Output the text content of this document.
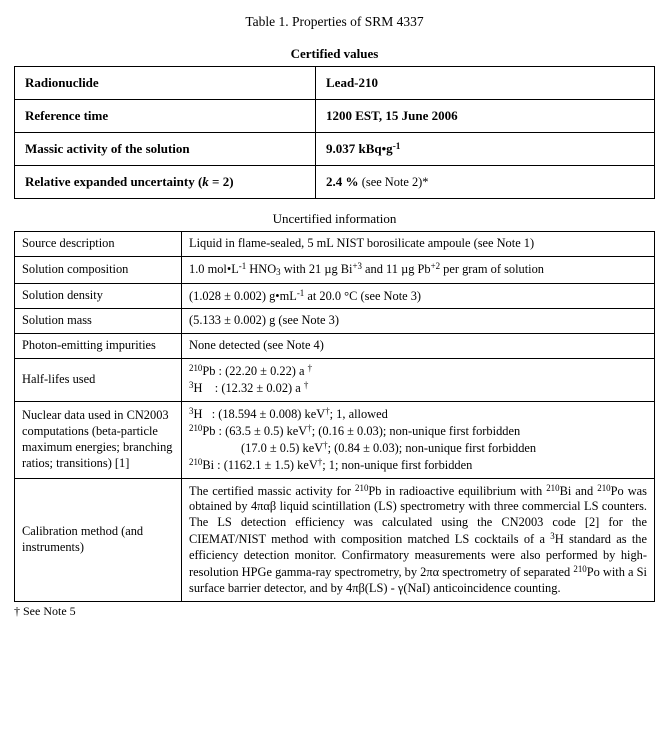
Table 1. Properties of SRM 4337
Certified values
Radionuclide	Lead-210
Reference time	1200 EST, 15 June 2006
Massic activity of the solution	9.037 $kBq•g^{-1}$
Relative expanded uncertainty (k = 2)	2.4 % (see Note 2)*
Uncertified information
Source description	Liquid in flame-sealed, 5 mL NIST borosilicate ampoule (see Note 1)
Solution composition	1.0 $mol•L^{-1}$ $HNO_3$ with 21 µg $Bi^{+3}$ and 11 µg $Pb^{+2}$ per gram of solution
Solution density	(1.028 ± 0.002) $g•mL^{-1}$ at 20.0 °C (see Note 3)
Solution mass	(5.133 ± 0.002) g (see Note 3)
Photon-emitting impurities	None detected (see Note 4)
Half-lifes used	$^{210}$Pb : (22.20 ± 0.22) a †
$^3$H    : (12.32 ± 0.02) a †

Nuclear data used in CN2003 computations (beta-particle maximum energies; branching ratios; transitions) [1]	$^3$H   : (18.594 ± 0.008) keV†; 1, allowed
$^{210}$Pb : (63.5 ± 0.5) keV†; (0.16 ± 0.03); non-unique first forbidden
(17.0 ± 0.5) keV†; (0.84 ± 0.03); non-unique first forbidden
$^{210}$Bi : (1162.1 ± 1.5) keV†; 1; non-unique first forbidden

Calibration method (and instruments)	The certified massic activity for $^{210}$Pb in radioactive equilibrium with $^{210}$Bi and $^{210}$Po was obtained by 4παβ liquid scintillation (LS) spectrometry with three commercial LS counters. The LS detection efficiency was calculated using the CN2003 code [2] for the CIEMAT/NIST method with composition matched LS cocktails of a $^3$H standard as the efficiency detection monitor. Confirmatory measurements were also performed by high-resolution HPGe gamma-ray spectrometry, by 2πα spectrometry of separated $^{210}$Po with a Si surface barrier detector, and by 4πβ(LS) - γ(NaI) anticoincidence counting.
† See Note 5
